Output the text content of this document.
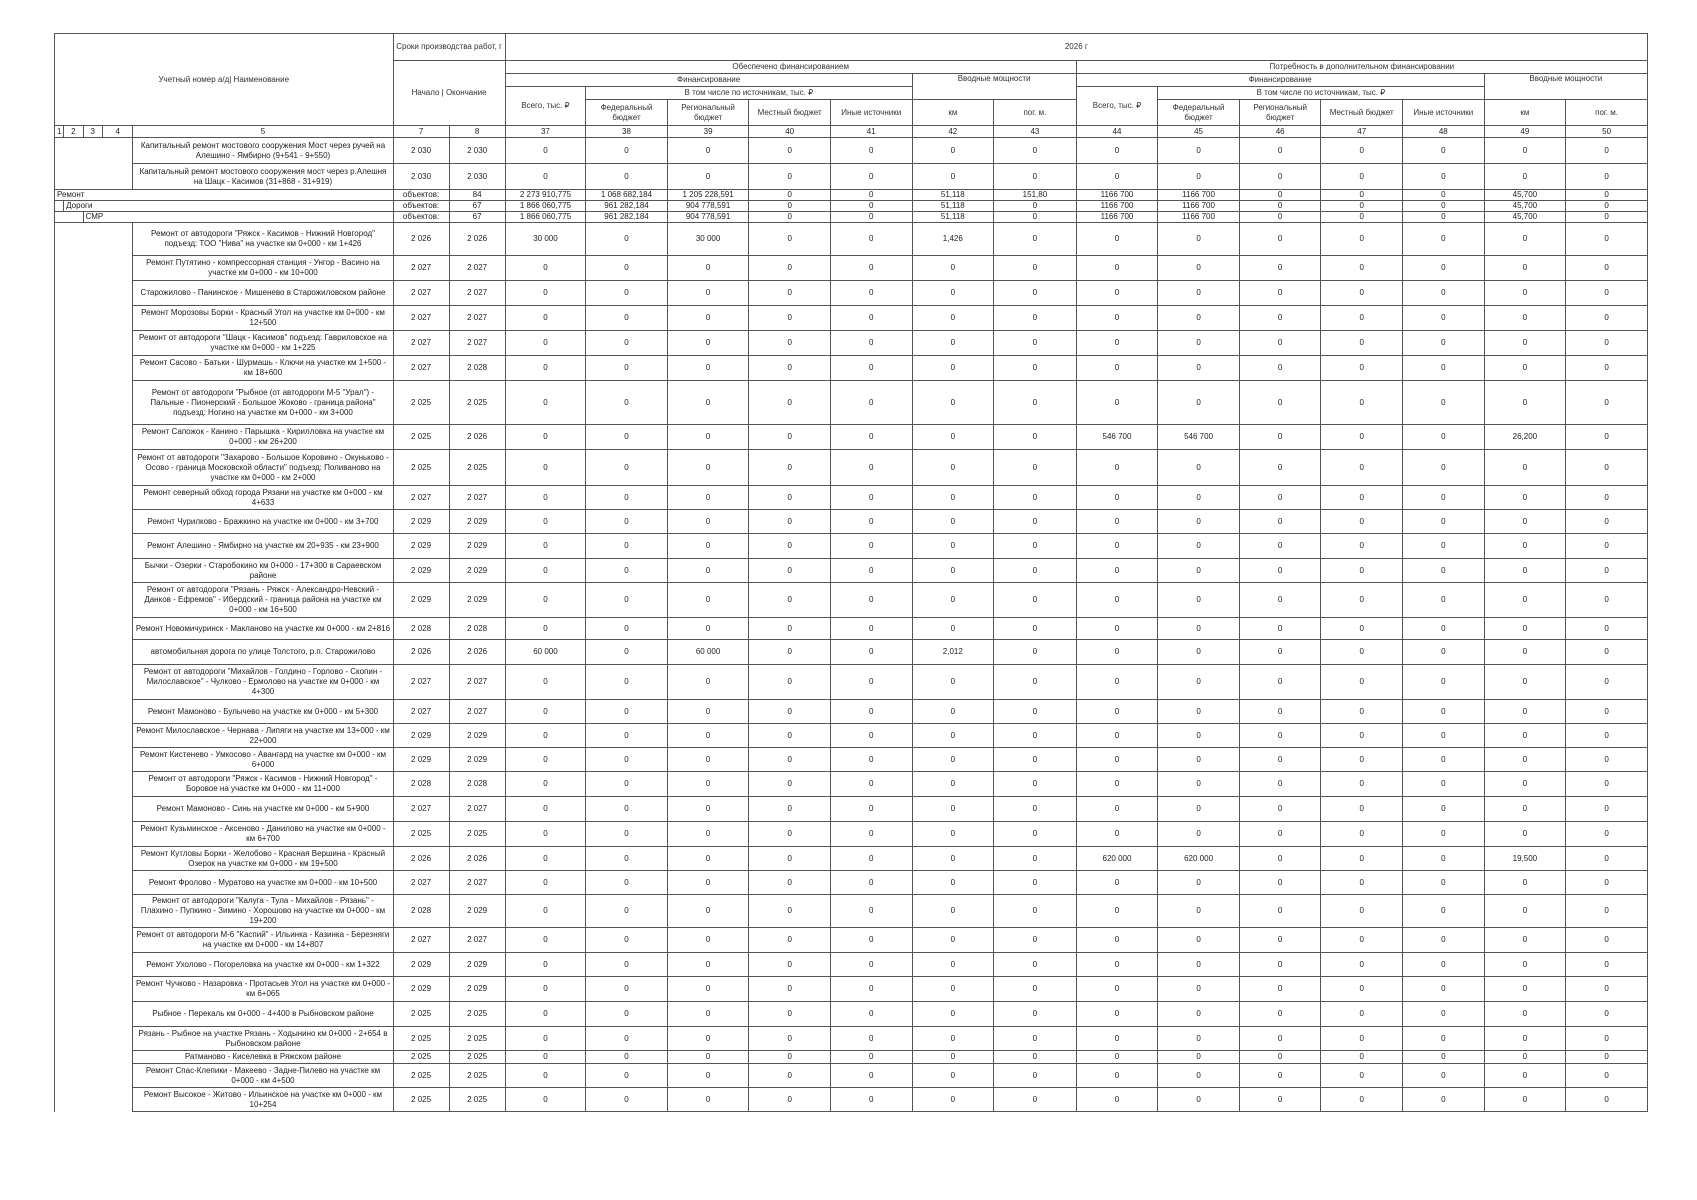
Учетный номер а/д| Наименование					Сроки производства работ, г		2026 г													
					Начало | Окончание		Обеспечено финансированием							Потребность в дополнительном финансировании						
							Финансирование					Вводные мощности		Финансирование					Вводные мощности	
							Всего, тыс. ₽	В том числе по источникам, тыс. ₽						Всего, тыс. ₽	В том числе по источникам, тыс. ₽					
								Федеральный бюджет	Региональный бюджет	Местный бюджет	Иные источники	км	пог. м.		Федеральный бюджет	Региональный бюджет	Местный бюджет	Иные источники	км	пог. м.
1	2	3	4	5	7	8	37	38	39	40	41	42	43	44	45	46	47	48	49	50
				Капитальный ремонт мостового сооружения Мост через ручей на Алешино - Ямбирно (9+541 - 9+550)	2 030	2 030	0	0	0	0	0	0	0	0	0	0	0	0	0	0
				Капитальный ремонт мостового сооружения мост через р.Алешня на Шацк - Касимов (31+868 - 31+919)	2 030	2 030	0	0	0	0	0	0	0	0	0	0	0	0	0	0
Ремонт					объектов:	84	2 273 910,775	1 068 682,184	1 205 228,591	0	0	51,118	151,80	1166 700	1166 700	0	0	0	45,700	0
	Дороги				объектов:	67	1 866 060,775	961 282,184	904 778,591	0	0	51,118	0	1166 700	1166 700	0	0	0	45,700	0
		СМР			объектов:	67	1 866 060,775	961 282,184	904 778,591	0	0	51,118	0	1166 700	1166 700	0	0	0	45,700	0
				Ремонт от автодороги "Ряжск - Касимов - Нижний Новгород" подъезд: ТОО "Нива" на участке км 0+000 - км 1+426	2 026	2 026	30 000	0	30 000	0	0	1,426	0	0	0	0	0	0	0	0
				Ремонт Путятино - компрессорная станция - Унгор - Васино на участке км 0+000 - км 10+000	2 027	2 027	0	0	0	0	0	0	0	0	0	0	0	0	0	0
				Старожилово - Панинское - Мишенево в Старожиловском районе	2 027	2 027	0	0	0	0	0	0	0	0	0	0	0	0	0	0
				Ремонт Морозовы Борки - Красный Угол на участке км 0+000 - км 12+500	2 027	2 027	0	0	0	0	0	0	0	0	0	0	0	0	0	0
				Ремонт от автодороги "Шацк - Касимов" подъезд: Гавриловское на участке км 0+000 - км 1+225	2 027	2 027	0	0	0	0	0	0	0	0	0	0	0	0	0	0
				Ремонт Сасово - Батьки - Шурмашь - Ключи на участке км 1+500 - км 18+600	2 027	2 028	0	0	0	0	0	0	0	0	0	0	0	0	0	0
				Ремонт от автодороги "Рыбное (от автодороги М-5 "Урал") - Пальные - Пионерский - Большое Жоково - граница района" подъезд: Ногино на участке км 0+000 - км 3+000	2 025	2 025	0	0	0	0	0	0	0	0	0	0	0	0	0	0
				Ремонт Сапожок - Канино - Парышка - Кирилловка на участке км 0+000 - км 26+200	2 025	2 026	0	0	0	0	0	0	0	546 700	546 700	0	0	0	26,200	0
				Ремонт от автодороги "Захарово - Большое Коровино - Окуньково - Осово - граница Московской области" подъезд: Поливаново на участке км 0+000 - км 2+000	2 025	2 025	0	0	0	0	0	0	0	0	0	0	0	0	0	0
				Ремонт северный обход города Рязани на участке км 0+000 - км 4+633	2 027	2 027	0	0	0	0	0	0	0	0	0	0	0	0	0	0
				Ремонт Чурилково - Бражкино на участке км 0+000 - км 3+700	2 029	2 029	0	0	0	0	0	0	0	0	0	0	0	0	0	0
				Ремонт Алешино - Ямбирно на участке км 20+935 - км 23+900	2 029	2 029	0	0	0	0	0	0	0	0	0	0	0	0	0	0
				Бычки - Озерки - Старобокино км 0+000 - 17+300 в Сараевском районе	2 029	2 029	0	0	0	0	0	0	0	0	0	0	0	0	0	0
				Ремонт от автодороги "Рязань - Ряжск - Александро-Невский - Данков - Ефремов" - Ибердский - граница района на участке км 0+000 - км 16+500	2 029	2 029	0	0	0	0	0	0	0	0	0	0	0	0	0	0
				Ремонт Новомичуринск - Макланово на участке км 0+000 - км 2+816	2 028	2 028	0	0	0	0	0	0	0	0	0	0	0	0	0	0
				автомобильная дорога по улице Толстого, р.п. Старожилово	2 026	2 026	60 000	0	60 000	0	0	2,012	0	0	0	0	0	0	0	0
				Ремонт от автодороги "Михайлов - Голдино - Горлово - Скопин - Милославское" - Чулково - Ермолово на участке км 0+000 - км 4+300	2 027	2 027	0	0	0	0	0	0	0	0	0	0	0	0	0	0
				Ремонт Мамоново - Булычево на участке км 0+000 - км 5+300	2 027	2 027	0	0	0	0	0	0	0	0	0	0	0	0	0	0
				Ремонт Милославское - Чернава - Липяги на участке км 13+000 - км 22+000	2 029	2 029	0	0	0	0	0	0	0	0	0	0	0	0	0	0
				Ремонт Кистенево - Умкосово - Авангард на участке км 0+000 - км 6+000	2 029	2 029	0	0	0	0	0	0	0	0	0	0	0	0	0	0
				Ремонт от автодороги "Ряжск - Касимов - Нижний Новгород" - Боровое на участке км 0+000 - км 11+000	2 028	2 028	0	0	0	0	0	0	0	0	0	0	0	0	0	0
				Ремонт Мамоново - Синь на участке км 0+000 - км 5+900	2 027	2 027	0	0	0	0	0	0	0	0	0	0	0	0	0	0
				Ремонт Кузьминское - Аксеново - Данилово на участке км 0+000 - км 6+700	2 025	2 025	0	0	0	0	0	0	0	0	0	0	0	0	0	0
				Ремонт Кутловы Борки - Желобово - Красная Вершина - Красный Озерок на участке км 0+000 - км 19+500	2 026	2 026	0	0	0	0	0	0	0	620 000	620 000	0	0	0	19,500	0
				Ремонт Фролово - Муратово на участке км 0+000 - км 10+500	2 027	2 027	0	0	0	0	0	0	0	0	0	0	0	0	0	0
				Ремонт от автодороги "Калуга - Тула - Михайлов - Рязань" - Плахино - Пупкино - Зимино - Хорошово на участке км 0+000 - км 19+200	2 028	2 029	0	0	0	0	0	0	0	0	0	0	0	0	0	0
				Ремонт от автодороги М-6 "Каспий" - Ильинка - Казинка - Березняги на участке км 0+000 - км 14+807	2 027	2 027	0	0	0	0	0	0	0	0	0	0	0	0	0	0
				Ремонт Ухолово - Погореловка на участке км 0+000 - км 1+322	2 029	2 029	0	0	0	0	0	0	0	0	0	0	0	0	0	0
				Ремонт Чучково - Назаровка - Протасьев Угол на участке км 0+000 - км 6+065	2 029	2 029	0	0	0	0	0	0	0	0	0	0	0	0	0	0
				Рыбное - Перекаль км 0+000 - 4+400 в Рыбновском районе	2 025	2 025	0	0	0	0	0	0	0	0	0	0	0	0	0	0
				Рязань - Рыбное на участке Рязань - Ходынино км 0+000 - 2+654 в Рыбновском районе	2 025	2 025	0	0	0	0	0	0	0	0	0	0	0	0	0	0
				Ратманово - Киселевка в Ряжском районе	2 025	2 025	0	0	0	0	0	0	0	0	0	0	0	0	0	0
				Ремонт Спас-Клепики - Макеево - Задне-Пилево на участке км 0+000 - км 4+500	2 025	2 025	0	0	0	0	0	0	0	0	0	0	0	0	0	0
				Ремонт Высокое - Житово - Ильинское на участке км 0+000 - км 10+254	2 025	2 025	0	0	0	0	0	0	0	0	0	0	0	0	0	0
